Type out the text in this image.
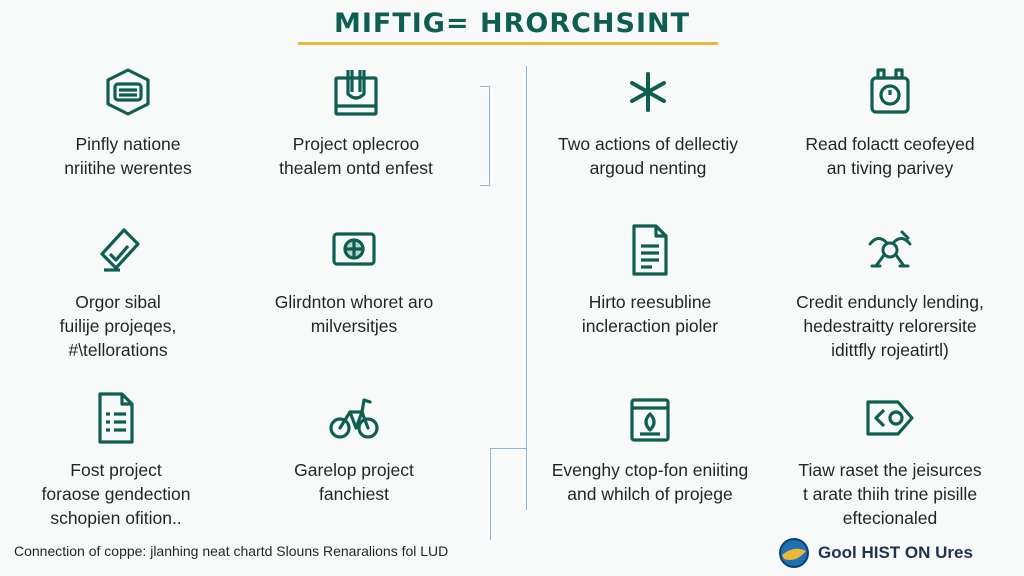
MIFTIG= HRORCHSINT
Pinfly natione
nriitihe werentes
Project oplecroo
thealem ontd enfest
Two actions of dellectiy
argoud nenting
Read folactt ceofeyed
an tiving parivey
Orgor sibal
fuilije projeqes,
#\tellorations
Glirdnton whoret aro
milversitjes
Hirto reesubline
incleraction pioler
Credit enduncly lending,
hedestraitty relorersite
idittfly rojeatirtl)
Fost project
foraose gendection
schopien ofition..
Garelop project
fanchiest
Evenghy ctop-fon eniiting
and whilch of projege
Tiaw raset the jeisurces
t arate thiih trine pisille
eftecionaled
Connection of coppe: jlanhing neat chartd Slouns Renaralions fol LUD	Gool HIST ON Ures
